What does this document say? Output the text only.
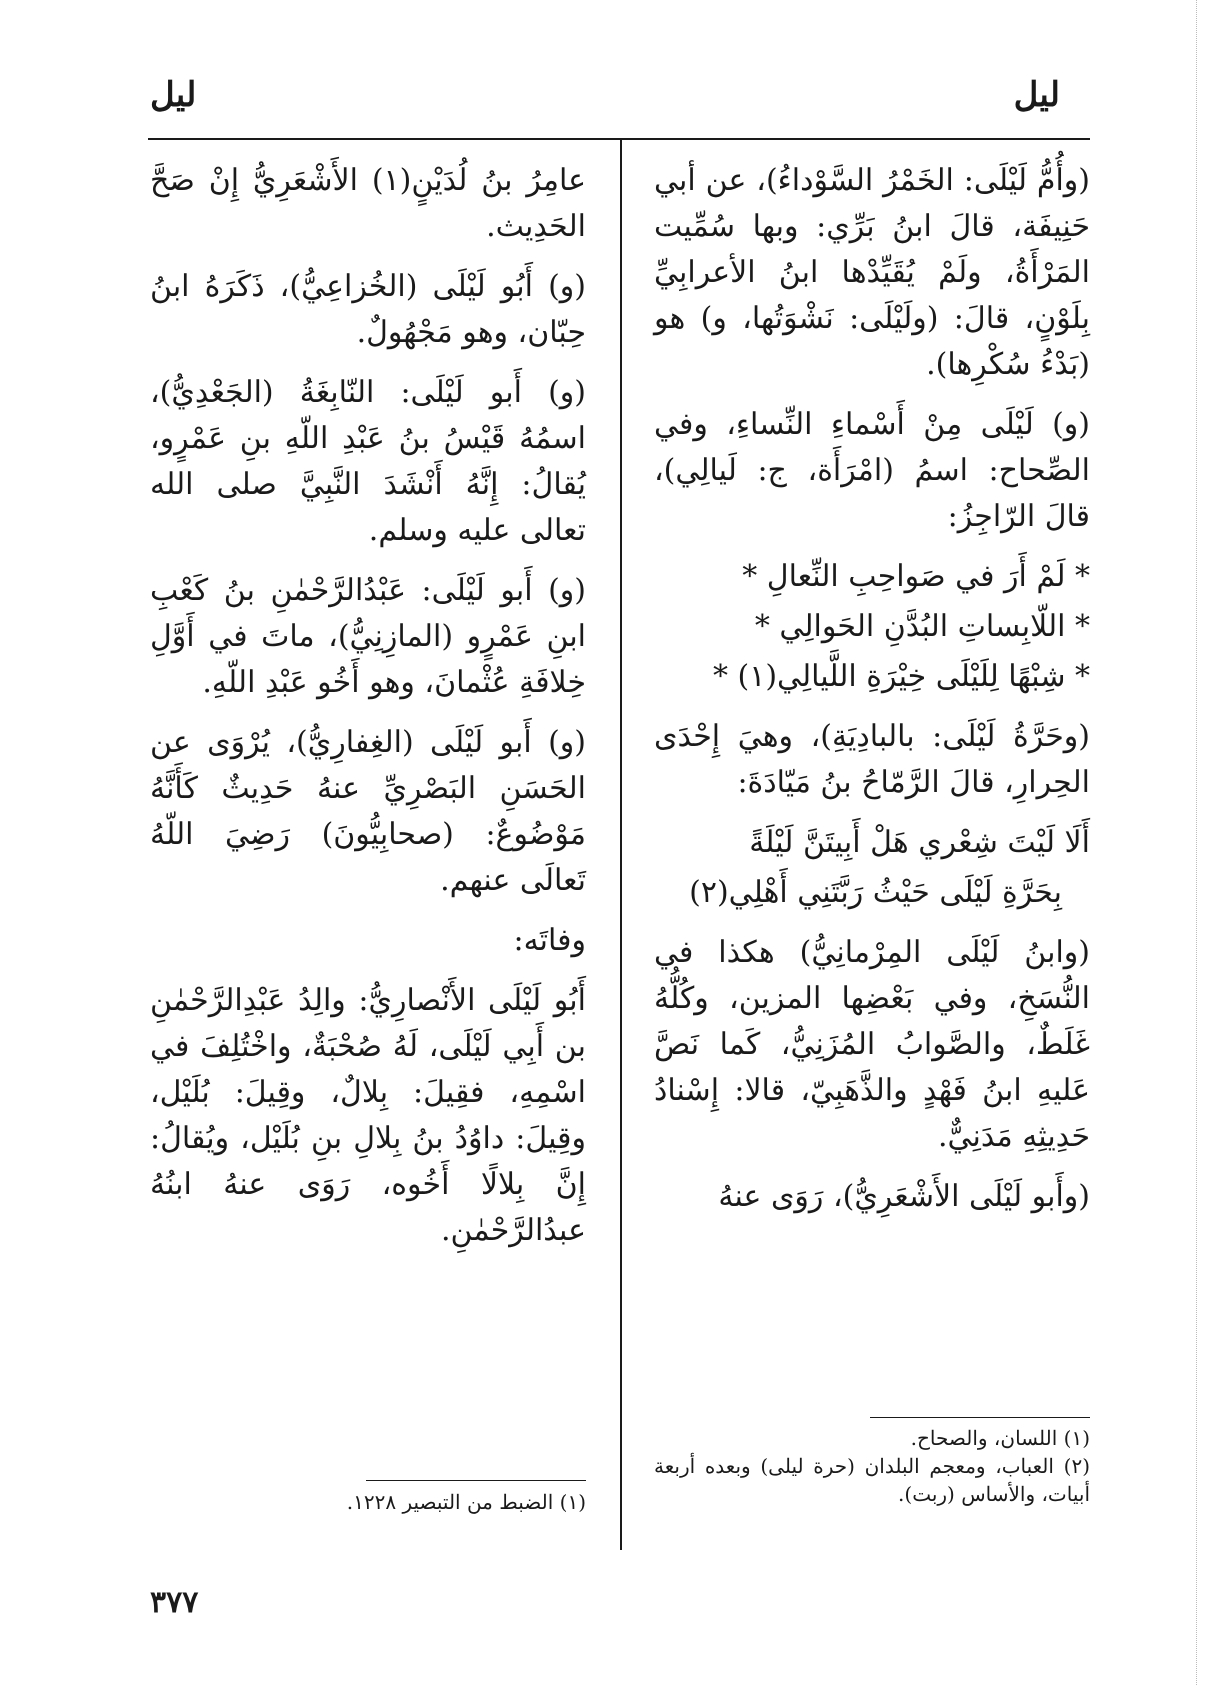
ليل
ليل

(وأُمُّ لَيْلَى: الخَمْرُ السَّوْداءُ)، عن أبي حَنِيفَة، قالَ ابنُ بَرِّي: وبها سُمِّيت المَرْأَةُ، ولَمْ يُقَيِّدْها ابنُ الأعرابِيِّ بِلَوْنٍ، قالَ: (ولَيْلَى: نَشْوَتُها، و) هو (بَدْءُ سُكْرِها).

(و) لَيْلَى مِنْ أَسْماءِ النِّساءِ، وفي الصِّحاح: اسمُ (امْرَأَة، ج: لَيالِي)، قالَ الرّاجِزُ:

* لَمْ أَرَ في صَواحِبِ النِّعالِ *
* اللّابِساتِ البُدَّنِ الحَوالِي *
* شِبْهًا لِلَيْلَى خِيْرَةِ اللَّيالِي(١) *

(وحَرَّةُ لَيْلَى: بالبادِيَةِ)، وهيَ إِحْدَى الحِرارِ، قالَ الرَّمّاحُ بنُ مَيّادَةَ:

أَلَا لَيْتَ شِعْري هَلْ أَبِيتَنَّ لَيْلَةً
بِحَرَّةِ لَيْلَى حَيْثُ رَبَّتَنِي أَهْلِي(٢)

(وابنُ لَيْلَى المِرْمانِيُّ) هكذا في النُّسَخِ، وفي بَعْضِها المزين، وكُلُّهُ غَلَطٌ، والصَّوابُ المُزَنِيُّ، كَما نَصَّ عَليهِ ابنُ فَهْدٍ والذَّهَبِيّ، قالا: إِسْنادُ حَدِيثِهِ مَدَنِيٌّ.

(وأَبو لَيْلَى الأَشْعَرِيُّ)، رَوَى عنهُ

(١) اللسان، والصحاح.
(٢) العباب، ومعجم البلدان (حرة ليلى) وبعده أربعة أبيات، والأساس (ربت).

عامِرُ بنُ لُدَيْنٍ(١) الأَشْعَرِيُّ إِنْ صَحَّ الحَدِيث.

(و) أَبُو لَيْلَى (الخُزاعِيُّ)، ذَكَرَهُ ابنُ حِبّان، وهو مَجْهُولٌ.

(و) أَبو لَيْلَى: النّابِغَةُ (الجَعْدِيُّ)، اسمُهُ قَيْسُ بنُ عَبْدِ اللّهِ بنِ عَمْرٍو، يُقالُ: إِنَّهُ أَنْشَدَ النَّبِيَّ صلى الله تعالى عليه وسلم.

(و) أَبو لَيْلَى: عَبْدُالرَّحْمٰنِ بنُ كَعْبِ ابنِ عَمْرٍو (المازِنِيُّ)، ماتَ في أَوَّلِ خِلافَةِ عُثْمانَ، وهو أَخُو عَبْدِ اللّهِ.

(و) أَبو لَيْلَى (الغِفارِيُّ)، يُرْوَى عن الحَسَنِ البَصْرِيِّ عنهُ حَدِيثٌ كَأَنَّهُ مَوْضُوعٌ: (صحابِيُّونَ) رَضِيَ اللّهُ تَعالَى عنهم.

وفاتَه:

أَبُو لَيْلَى الأَنْصارِيُّ: والِدُ عَبْدِالرَّحْمٰنِ بن أَبِي لَيْلَى، لَهُ صُحْبَةٌ، واخْتُلِفَ في اسْمِهِ، فقِيلَ: بِلالٌ، وقِيلَ: بُلَيْل، وقِيلَ: داوُدُ بنُ بِلالِ بنِ بُلَيْل، ويُقالُ: إِنَّ بِلالًا أَخُوه، رَوَى عنهُ ابنُهُ عبدُالرَّحْمٰنِ.

(١) الضبط من التبصير ١٢٢٨.
٣٧٧
